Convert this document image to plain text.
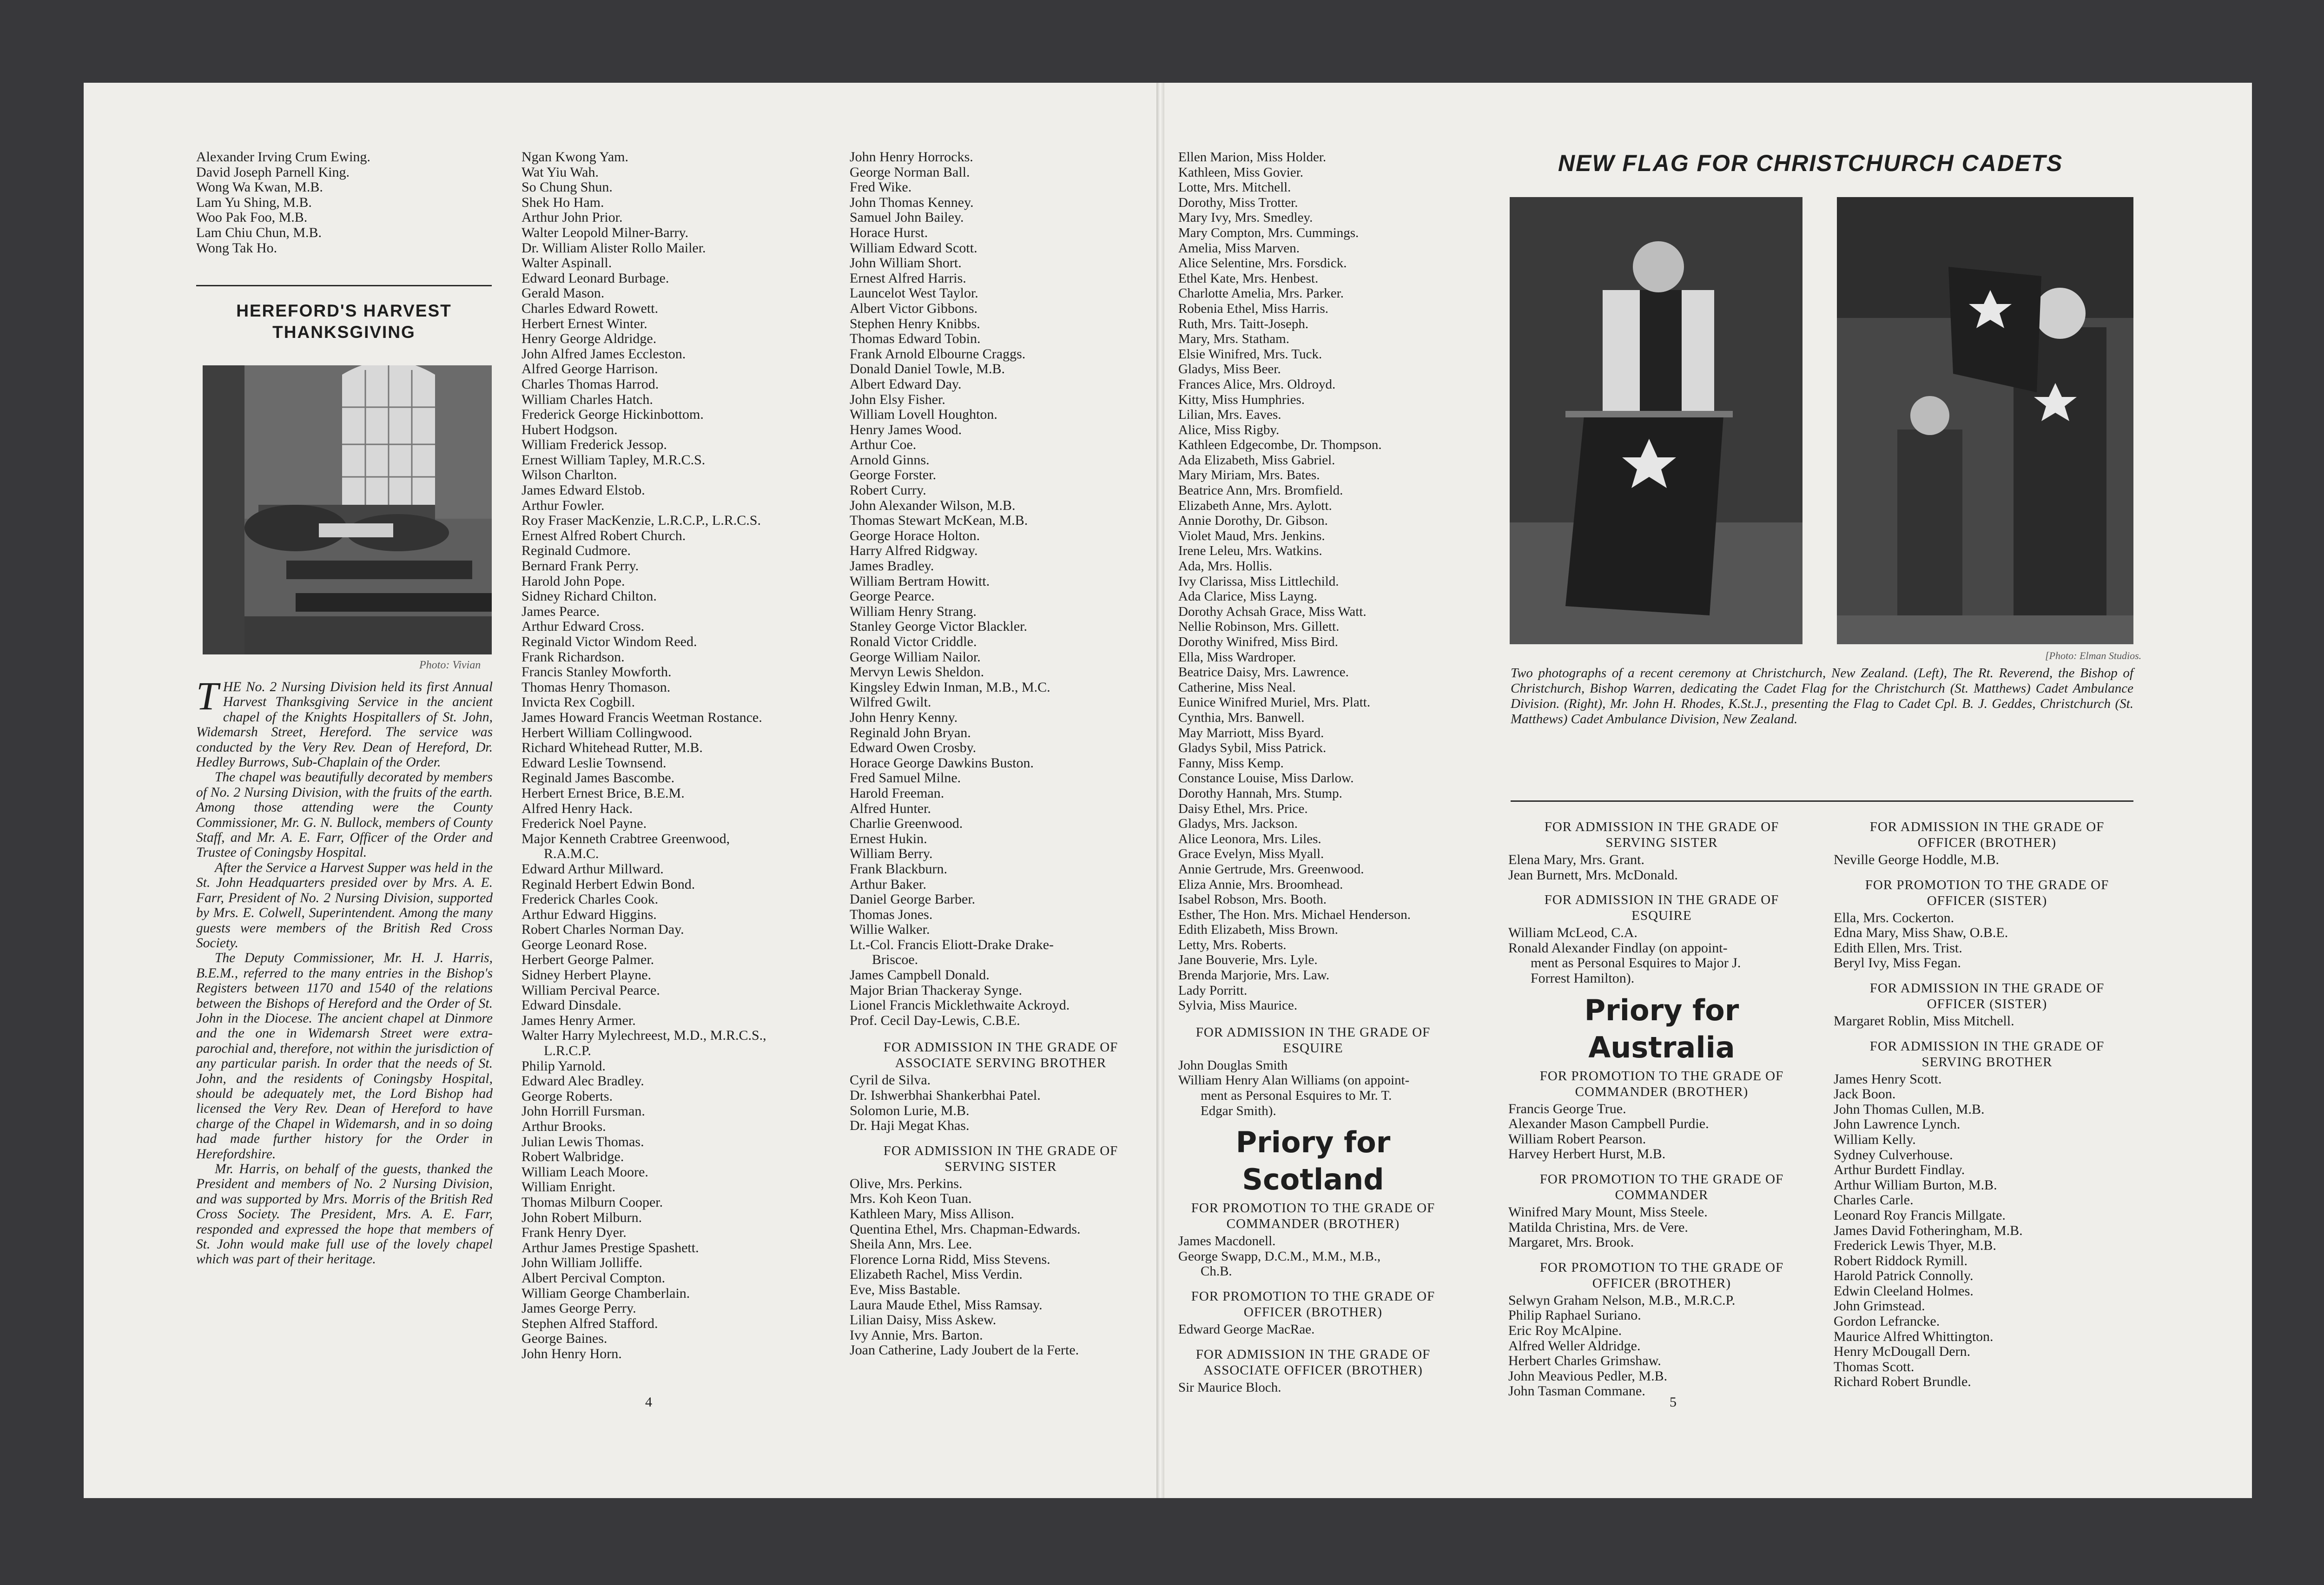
Alexander Irving Crum Ewing.
David Joseph Parnell King.
Wong Wa Kwan, M.B.
Lam Yu Shing, M.B.
Woo Pak Foo, M.B.
Lam Chiu Chun, M.B.
Wong Tak Ho.
HEREFORD'S HARVEST
THANKSGIVING
Photo: Vivian

THE No. 2 Nursing Division held its first Annual Harvest Thanksgiving Service in the ancient chapel of the Knights Hospitallers of St. John, Widemarsh Street, Hereford. The service was conducted by the Very Rev. Dean of Hereford, Dr. Hedley Burrows, Sub-Chaplain of the Order.

The chapel was beautifully decorated by members of No. 2 Nursing Division, with the fruits of the earth. Among those attending were the County Commissioner, Mr. G. N. Bullock, members of County Staff, and Mr. A. E. Farr, Officer of the Order and Trustee of Coningsby Hospital.

After the Service a Harvest Supper was held in the St. John Headquarters presided over by Mrs. A. E. Farr, President of No. 2 Nursing Division, supported by Mrs. E. Colwell, Superintendent. Among the many guests were members of the British Red Cross Society.

The Deputy Commissioner, Mr. H. J. Harris, B.E.M., referred to the many entries in the Bishop's Registers between 1170 and 1540 of the relations between the Bishops of Hereford and the Order of St. John in the Diocese. The ancient chapel at Dinmore and the one in Widemarsh Street were extra-parochial and, therefore, not within the jurisdiction of any particular parish. In order that the needs of St. John, and the residents of Coningsby Hospital, should be adequately met, the Lord Bishop had licensed the Very Rev. Dean of Hereford to have charge of the Chapel in Widemarsh, and in so doing had made further history for the Order in Herefordshire.

Mr. Harris, on behalf of the guests, thanked the President and members of No. 2 Nursing Division, and was supported by Mrs. Morris of the British Red Cross Society. The President, Mrs. A. E. Farr, responded and expressed the hope that members of St. John would make full use of the lovely chapel which was part of their heritage.

Ngan Kwong Yam.
Wat Yiu Wah.
So Chung Shun.
Shek Ho Ham.
Arthur John Prior.
Walter Leopold Milner-Barry.
Dr. William Alister Rollo Mailer.
Walter Aspinall.
Edward Leonard Burbage.
Gerald Mason.
Charles Edward Rowett.
Herbert Ernest Winter.
Henry George Aldridge.
John Alfred James Eccleston.
Alfred George Harrison.
Charles Thomas Harrod.
William Charles Hatch.
Frederick George Hickinbottom.
Hubert Hodgson.
William Frederick Jessop.
Ernest William Tapley, M.R.C.S.
Wilson Charlton.
James Edward Elstob.
Arthur Fowler.
Roy Fraser MacKenzie, L.R.C.P., L.R.C.S.
Ernest Alfred Robert Church.
Reginald Cudmore.
Bernard Frank Perry.
Harold John Pope.
Sidney Richard Chilton.
James Pearce.
Arthur Edward Cross.
Reginald Victor Windom Reed.
Frank Richardson.
Francis Stanley Mowforth.
Thomas Henry Thomason.
Invicta Rex Cogbill.
James Howard Francis Weetman Rostance.
Herbert William Collingwood.
Richard Whitehead Rutter, M.B.
Edward Leslie Townsend.
Reginald James Bascombe.
Herbert Ernest Brice, B.E.M.
Alfred Henry Hack.
Frederick Noel Payne.
Major Kenneth Crabtree Greenwood,
R.A.M.C.
Edward Arthur Millward.
Reginald Herbert Edwin Bond.
Frederick Charles Cook.
Arthur Edward Higgins.
Robert Charles Norman Day.
George Leonard Rose.
Herbert George Palmer.
Sidney Herbert Playne.
William Percival Pearce.
Edward Dinsdale.
James Henry Armer.
Walter Harry Mylechreest, M.D., M.R.C.S.,
L.R.C.P.
Philip Yarnold.
Edward Alec Bradley.
George Roberts.
John Horrill Fursman.
Arthur Brooks.
Julian Lewis Thomas.
Robert Walbridge.
William Leach Moore.
William Enright.
Thomas Milburn Cooper.
John Robert Milburn.
Frank Henry Dyer.
Arthur James Prestige Spashett.
John William Jolliffe.
Albert Percival Compton.
William George Chamberlain.
James George Perry.
Stephen Alfred Stafford.
George Baines.
John Henry Horn.
John Henry Horrocks.
George Norman Ball.
Fred Wike.
John Thomas Kenney.
Samuel John Bailey.
Horace Hurst.
William Edward Scott.
John William Short.
Ernest Alfred Harris.
Launcelot West Taylor.
Albert Victor Gibbons.
Stephen Henry Knibbs.
Thomas Edward Tobin.
Frank Arnold Elbourne Craggs.
Donald Daniel Towle, M.B.
Albert Edward Day.
John Elsy Fisher.
William Lovell Houghton.
Henry James Wood.
Arthur Coe.
Arnold Ginns.
George Forster.
Robert Curry.
John Alexander Wilson, M.B.
Thomas Stewart McKean, M.B.
George Horace Holton.
Harry Alfred Ridgway.
James Bradley.
William Bertram Howitt.
George Pearce.
William Henry Strang.
Stanley George Victor Blackler.
Ronald Victor Criddle.
George William Nailor.
Mervyn Lewis Sheldon.
Kingsley Edwin Inman, M.B., M.C.
Wilfred Gwilt.
John Henry Kenny.
Reginald John Bryan.
Edward Owen Crosby.
Horace George Dawkins Buston.
Fred Samuel Milne.
Harold Freeman.
Alfred Hunter.
Charlie Greenwood.
Ernest Hukin.
William Berry.
Frank Blackburn.
Arthur Baker.
Daniel George Barber.
Thomas Jones.
Willie Walker.
Lt.-Col. Francis Eliott-Drake Drake-
Briscoe.
James Campbell Donald.
Major Brian Thackeray Synge.
Lionel Francis Micklethwaite Ackroyd.
Prof. Cecil Day-Lewis, C.B.E.
FOR ADMISSION IN THE GRADE OF
ASSOCIATE SERVING BROTHER
Cyril de Silva.
Dr. Ishwerbhai Shankerbhai Patel.
Solomon Lurie, M.B.
Dr. Haji Megat Khas.
FOR ADMISSION IN THE GRADE OF
SERVING SISTER
Olive, Mrs. Perkins.
Mrs. Koh Keon Tuan.
Kathleen Mary, Miss Allison.
Quentina Ethel, Mrs. Chapman-Edwards.
Sheila Ann, Mrs. Lee.
Florence Lorna Ridd, Miss Stevens.
Elizabeth Rachel, Miss Verdin.
Eve, Miss Bastable.
Laura Maude Ethel, Miss Ramsay.
Lilian Daisy, Miss Askew.
Ivy Annie, Mrs. Barton.
Joan Catherine, Lady Joubert de la Ferte.
4
Ellen Marion, Miss Holder.
Kathleen, Miss Govier.
Lotte, Mrs. Mitchell.
Dorothy, Miss Trotter.
Mary Ivy, Mrs. Smedley.
Mary Compton, Mrs. Cummings.
Amelia, Miss Marven.
Alice Selentine, Mrs. Forsdick.
Ethel Kate, Mrs. Henbest.
Charlotte Amelia, Mrs. Parker.
Robenia Ethel, Miss Harris.
Ruth, Mrs. Taitt-Joseph.
Mary, Mrs. Statham.
Elsie Winifred, Mrs. Tuck.
Gladys, Miss Beer.
Frances Alice, Mrs. Oldroyd.
Kitty, Miss Humphries.
Lilian, Mrs. Eaves.
Alice, Miss Rigby.
Kathleen Edgecombe, Dr. Thompson.
Ada Elizabeth, Miss Gabriel.
Mary Miriam, Mrs. Bates.
Beatrice Ann, Mrs. Bromfield.
Elizabeth Anne, Mrs. Aylott.
Annie Dorothy, Dr. Gibson.
Violet Maud, Mrs. Jenkins.
Irene Leleu, Mrs. Watkins.
Ada, Mrs. Hollis.
Ivy Clarissa, Miss Littlechild.
Ada Clarice, Miss Layng.
Dorothy Achsah Grace, Miss Watt.
Nellie Robinson, Mrs. Gillett.
Dorothy Winifred, Miss Bird.
Ella, Miss Wardroper.
Beatrice Daisy, Mrs. Lawrence.
Catherine, Miss Neal.
Eunice Winifred Muriel, Mrs. Platt.
Cynthia, Mrs. Banwell.
May Marriott, Miss Byard.
Gladys Sybil, Miss Patrick.
Fanny, Miss Kemp.
Constance Louise, Miss Darlow.
Dorothy Hannah, Mrs. Stump.
Daisy Ethel, Mrs. Price.
Gladys, Mrs. Jackson.
Alice Leonora, Mrs. Liles.
Grace Evelyn, Miss Myall.
Annie Gertrude, Mrs. Greenwood.
Eliza Annie, Mrs. Broomhead.
Isabel Robson, Mrs. Booth.
Esther, The Hon. Mrs. Michael Henderson.
Edith Elizabeth, Miss Brown.
Letty, Mrs. Roberts.
Jane Bouverie, Mrs. Lyle.
Brenda Marjorie, Mrs. Law.
Lady Porritt.
Sylvia, Miss Maurice.
FOR ADMISSION IN THE GRADE OF
ESQUIRE
John Douglas Smith
William Henry Alan Williams (on appoint-
ment as Personal Esquires to Mr. T.
Edgar Smith).
Priory for Scotland
FOR PROMOTION TO THE GRADE OF
COMMANDER (BROTHER)
James Macdonell.
George Swapp, D.C.M., M.M., M.B.,
Ch.B.
FOR PROMOTION TO THE GRADE OF
OFFICER (BROTHER)
Edward George MacRae.
FOR ADMISSION IN THE GRADE OF
ASSOCIATE OFFICER (BROTHER)
Sir Maurice Bloch.
5
NEW FLAG FOR CHRISTCHURCH CADETS
[Photo: Elman Studios.
Two photographs of a recent ceremony at Christchurch, New Zealand. (Left), The Rt. Reverend, the Bishop of Christchurch, Bishop Warren, dedicating the Cadet Flag for the Christchurch (St. Matthews) Cadet Ambulance Division. (Right), Mr. John H. Rhodes, K.St.J., presenting the Flag to Cadet Cpl. B. J. Geddes, Christchurch (St. Matthews) Cadet Ambulance Division, New Zealand.
FOR ADMISSION IN THE GRADE OF
SERVING SISTER
Elena Mary, Mrs. Grant.
Jean Burnett, Mrs. McDonald.
FOR ADMISSION IN THE GRADE OF
ESQUIRE
William McLeod, C.A.
Ronald Alexander Findlay (on appoint-
ment as Personal Esquires to Major J.
Forrest Hamilton).
Priory for Australia
FOR PROMOTION TO THE GRADE OF
COMMANDER (BROTHER)
Francis George True.
Alexander Mason Campbell Purdie.
William Robert Pearson.
Harvey Herbert Hurst, M.B.
FOR PROMOTION TO THE GRADE OF
COMMANDER
Winifred Mary Mount, Miss Steele.
Matilda Christina, Mrs. de Vere.
Margaret, Mrs. Brook.
FOR PROMOTION TO THE GRADE OF
OFFICER (BROTHER)
Selwyn Graham Nelson, M.B., M.R.C.P.
Philip Raphael Suriano.
Eric Roy McAlpine.
Alfred Weller Aldridge.
Herbert Charles Grimshaw.
John Meavious Pedler, M.B.
John Tasman Commane.
FOR ADMISSION IN THE GRADE OF
OFFICER (BROTHER)
Neville George Hoddle, M.B.
FOR PROMOTION TO THE GRADE OF
OFFICER (SISTER)
Ella, Mrs. Cockerton.
Edna Mary, Miss Shaw, O.B.E.
Edith Ellen, Mrs. Trist.
Beryl Ivy, Miss Fegan.
FOR ADMISSION IN THE GRADE OF
OFFICER (SISTER)
Margaret Roblin, Miss Mitchell.
FOR ADMISSION IN THE GRADE OF
SERVING BROTHER
James Henry Scott.
Jack Boon.
John Thomas Cullen, M.B.
John Lawrence Lynch.
William Kelly.
Sydney Culverhouse.
Arthur Burdett Findlay.
Arthur William Burton, M.B.
Charles Carle.
Leonard Roy Francis Millgate.
James David Fotheringham, M.B.
Frederick Lewis Thyer, M.B.
Robert Riddock Rymill.
Harold Patrick Connolly.
Edwin Cleeland Holmes.
John Grimstead.
Gordon Lefrancke.
Maurice Alfred Whittington.
Henry McDougall Dern.
Thomas Scott.
Richard Robert Brundle.
